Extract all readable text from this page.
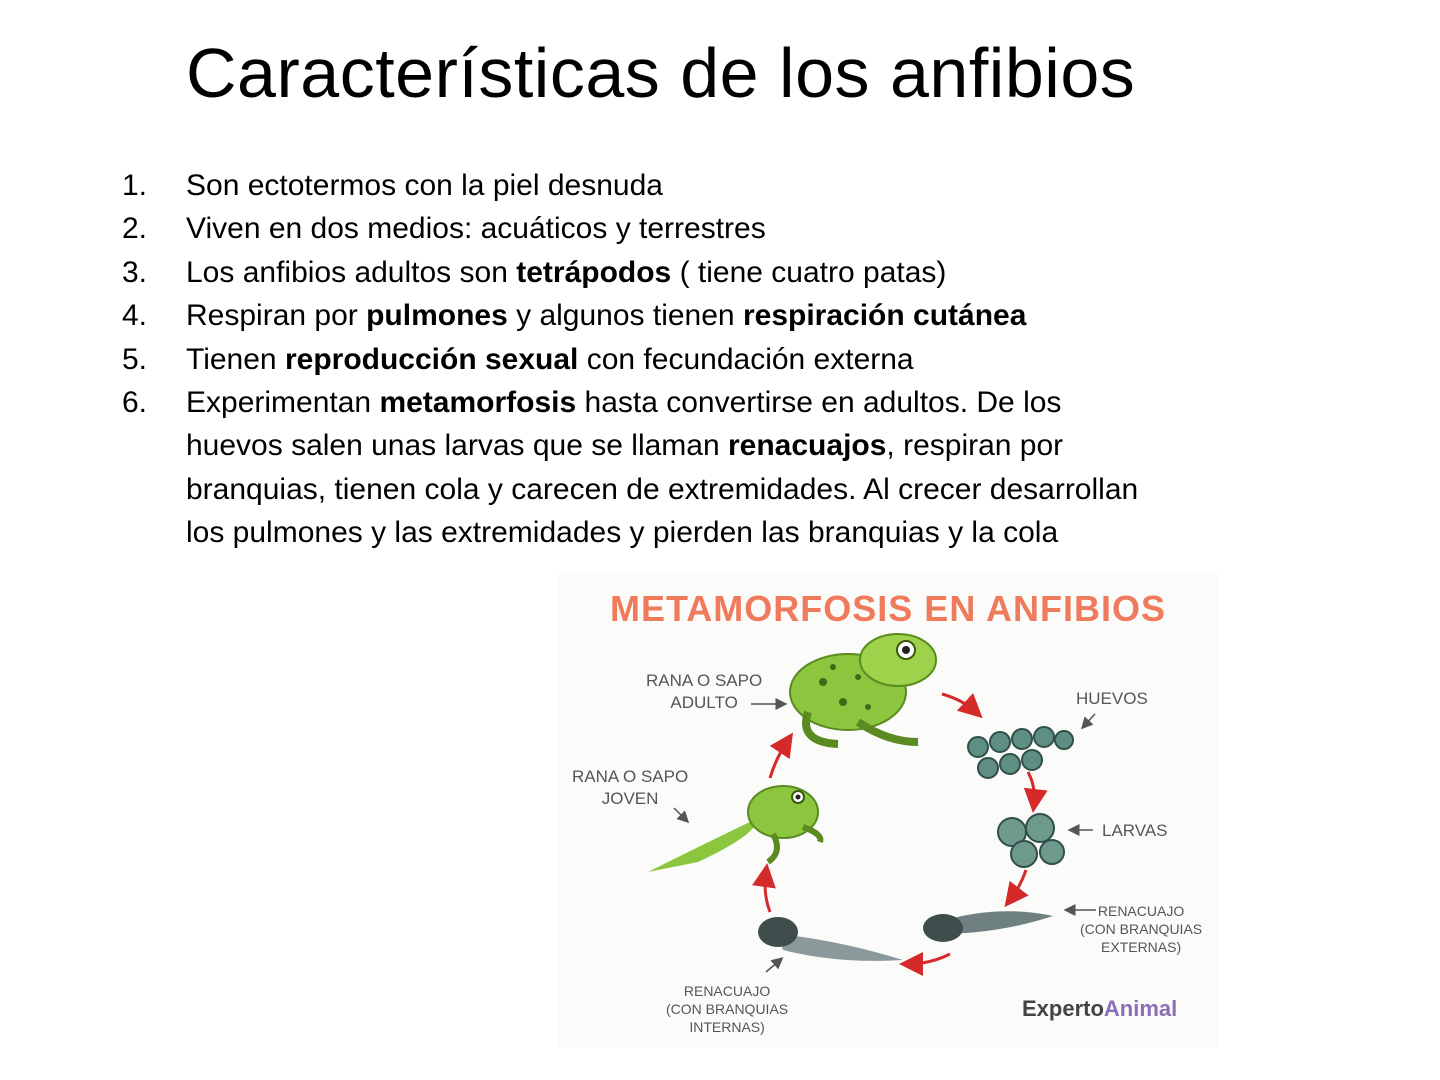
Características de los anfibios
1. Son ectotermos con la piel desnuda
2. Viven en dos medios: acuáticos y terrestres
3. Los anfibios adultos son tetrápodos ( tiene cuatro patas)
4. Respiran por pulmones y algunos tienen respiración cutánea
5. Tienen reproducción sexual con fecundación externa
6. Experimentan metamorfosis hasta convertirse en adultos. De los huevos salen unas larvas que se llaman renacuajos, respiran por branquias, tienen cola y carecen de extremidades. Al crecer desarrollan los pulmones y las extremidades y pierden las branquias y la cola
METAMORFOSIS EN ANFIBIOS
RANA O SAPO
ADULTO	HUEVOS
RANA O SAPO
JOVEN
LARVAS
RENACUAJO
(CON BRANQUIAS
EXTERNAS)
RENACUAJO
(CON BRANQUIAS
INTERNAS)
ExpertoAnimal
